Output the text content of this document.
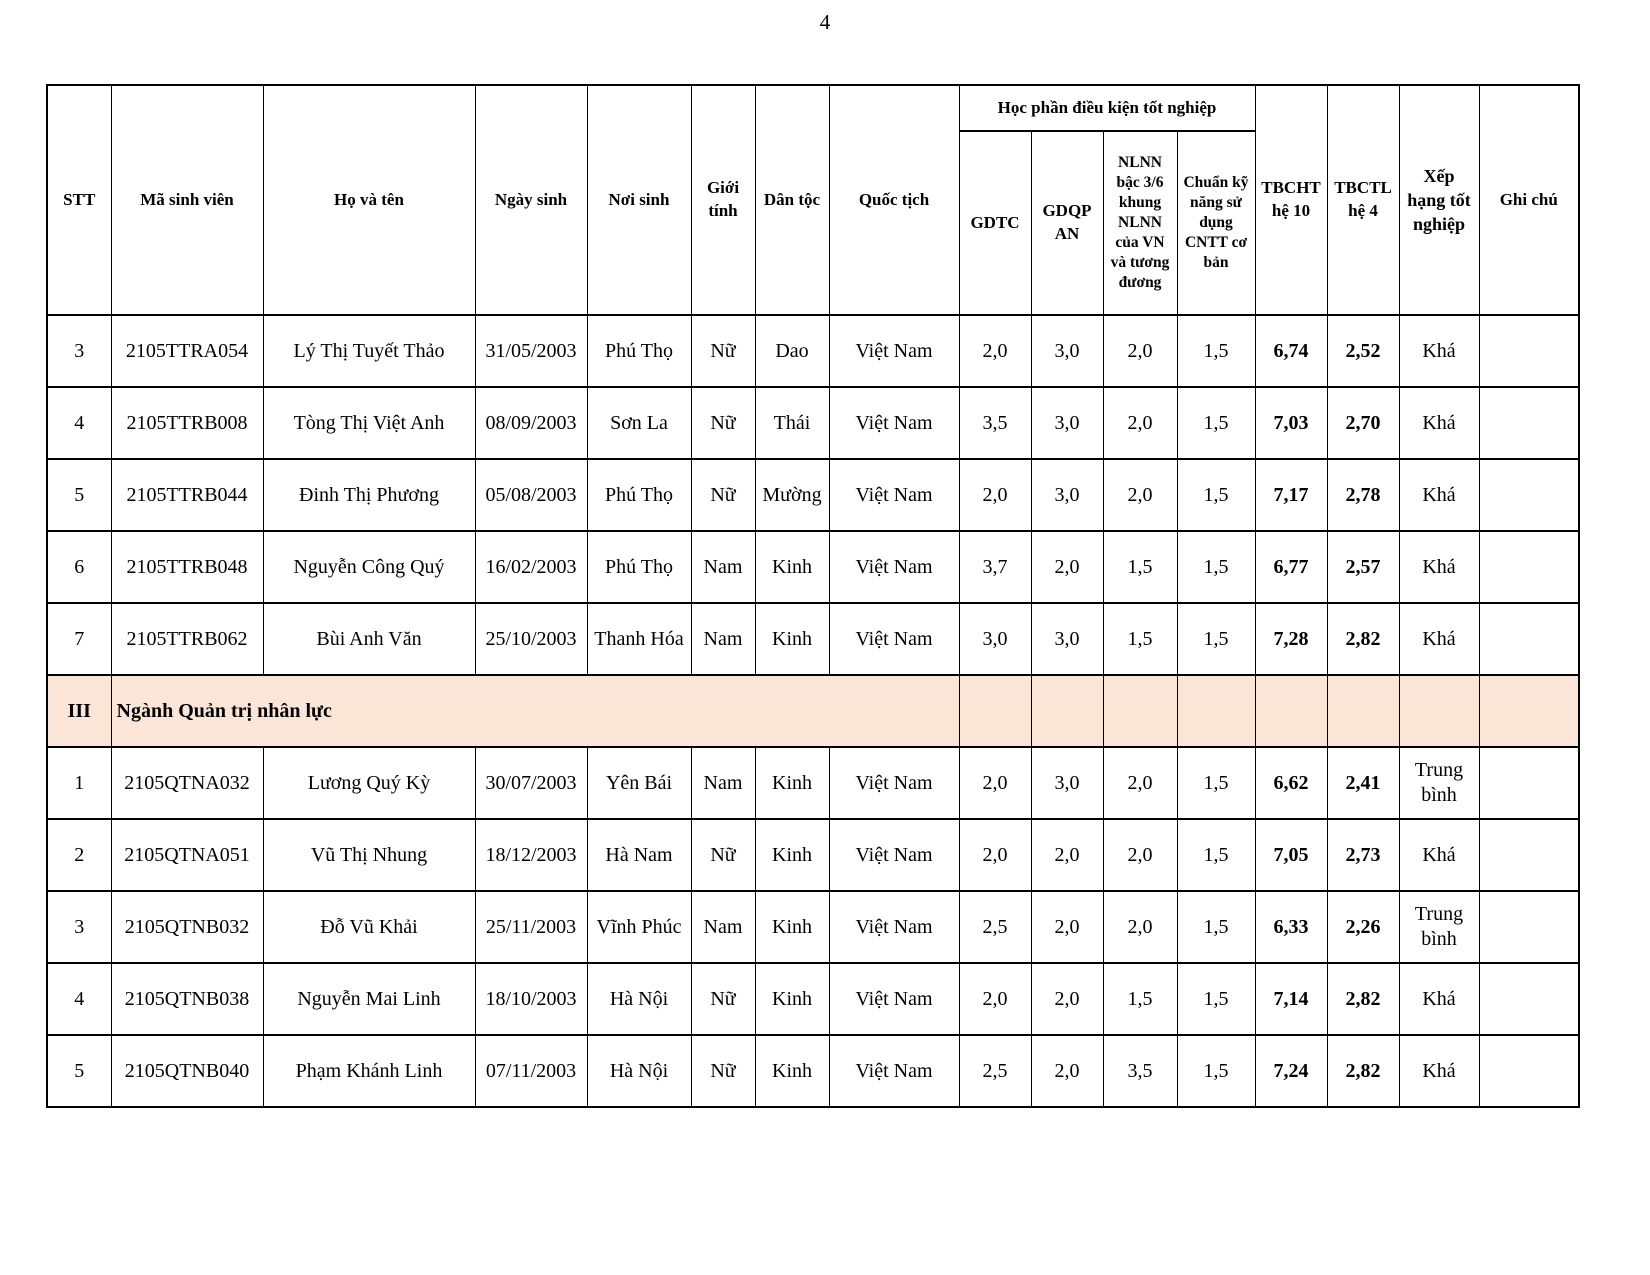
4
STT	Mã sinh viên	Họ và tên	Ngày sinh	Nơi sinh	Giới tính	Dân tộc	Quốc tịch	Học phần điều kiện tốt nghiệp				TBCHT hệ 10	TBCTL hệ 4	Xếp hạng tốt nghiệp	Ghi chú
								GDTC	GDQP AN	NLNN bậc 3/6 khung NLNN của VN và tương đương	Chuẩn kỹ năng sử dụng CNTT cơ bản				
3	2105TTRA054	Lý Thị Tuyết Thảo	31/05/2003	Phú Thọ	Nữ	Dao	Việt Nam	2,0	3,0	2,0	1,5	6,74	2,52	Khá	
4	2105TTRB008	Tòng Thị Việt Anh	08/09/2003	Sơn La	Nữ	Thái	Việt Nam	3,5	3,0	2,0	1,5	7,03	2,70	Khá	
5	2105TTRB044	Đinh Thị Phương	05/08/2003	Phú Thọ	Nữ	Mường	Việt Nam	2,0	3,0	2,0	1,5	7,17	2,78	Khá	
6	2105TTRB048	Nguyễn Công Quý	16/02/2003	Phú Thọ	Nam	Kinh	Việt Nam	3,7	2,0	1,5	1,5	6,77	2,57	Khá	
7	2105TTRB062	Bùi Anh Văn	25/10/2003	Thanh Hóa	Nam	Kinh	Việt Nam	3,0	3,0	1,5	1,5	7,28	2,82	Khá	
III	Ngành Quản trị nhân lực														
1	2105QTNA032	Lương Quý Kỳ	30/07/2003	Yên Bái	Nam	Kinh	Việt Nam	2,0	3,0	2,0	1,5	6,62	2,41	Trung bình	
2	2105QTNA051	Vũ Thị Nhung	18/12/2003	Hà Nam	Nữ	Kinh	Việt Nam	2,0	2,0	2,0	1,5	7,05	2,73	Khá	
3	2105QTNB032	Đỗ Vũ Khải	25/11/2003	Vĩnh Phúc	Nam	Kinh	Việt Nam	2,5	2,0	2,0	1,5	6,33	2,26	Trung bình	
4	2105QTNB038	Nguyễn Mai Linh	18/10/2003	Hà Nội	Nữ	Kinh	Việt Nam	2,0	2,0	1,5	1,5	7,14	2,82	Khá	
5	2105QTNB040	Phạm Khánh Linh	07/11/2003	Hà Nội	Nữ	Kinh	Việt Nam	2,5	2,0	3,5	1,5	7,24	2,82	Khá	
